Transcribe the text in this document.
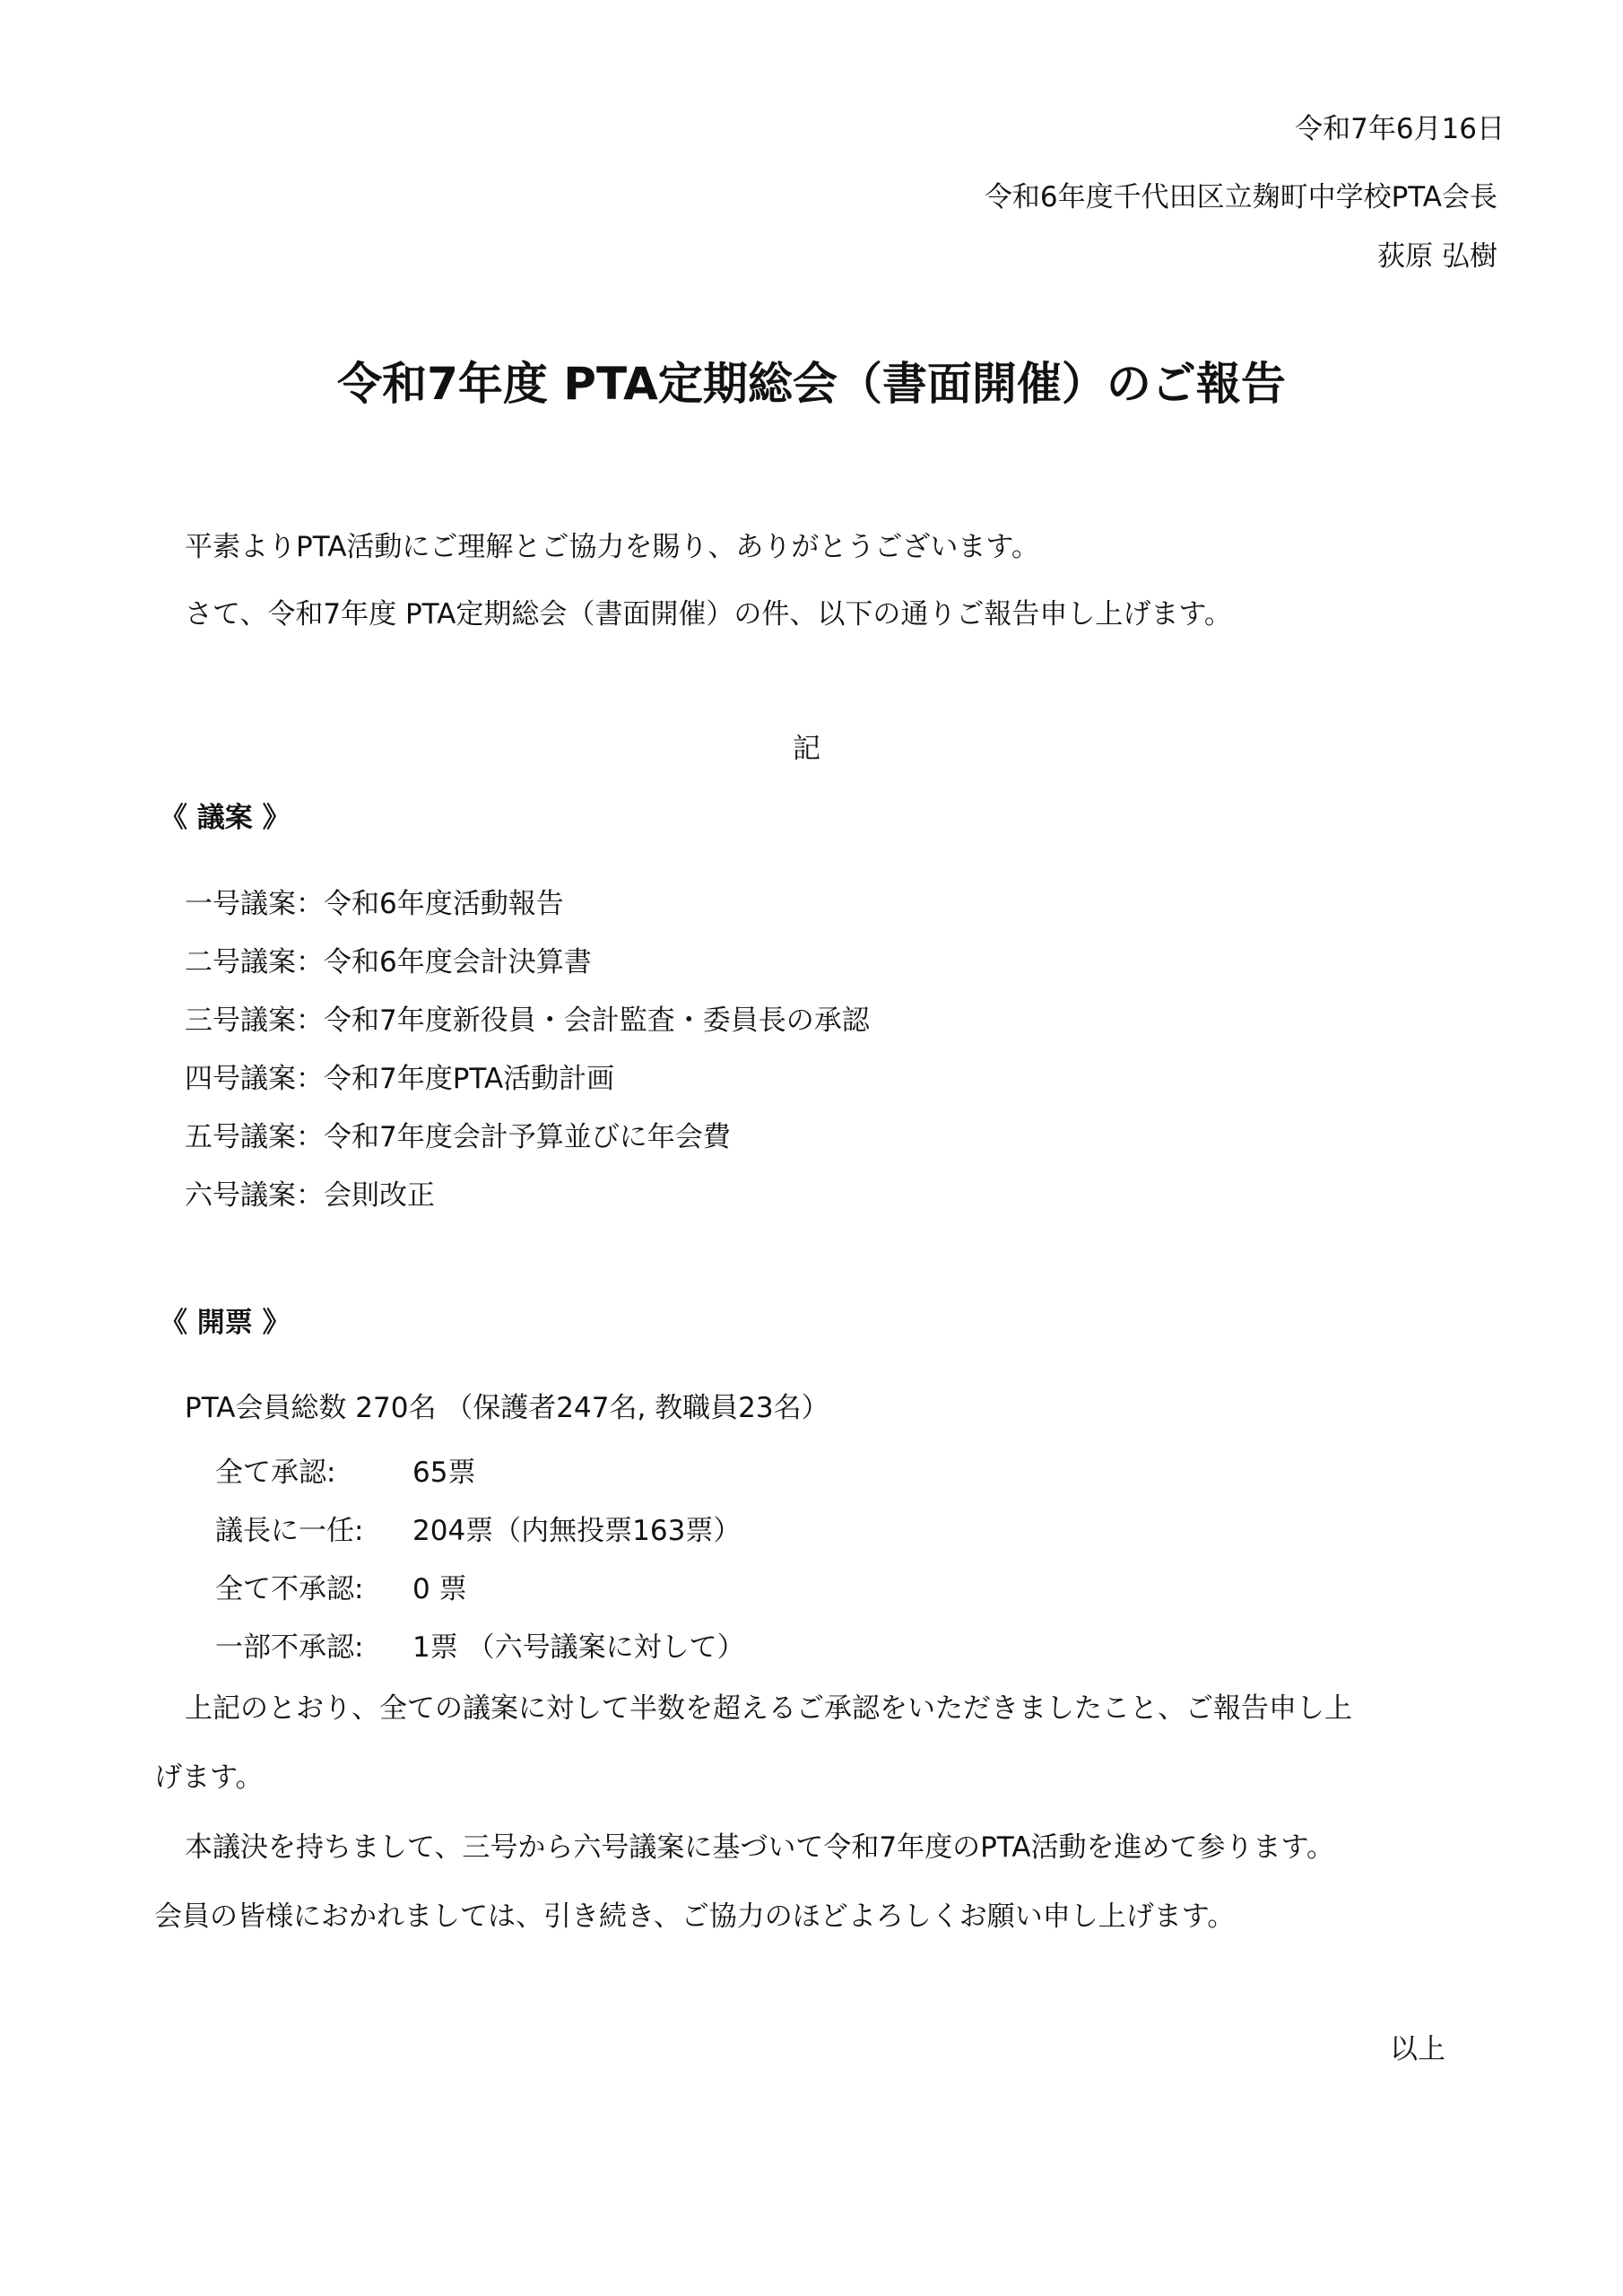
令和7年6月16日
令和6年度千代田区立麹町中学校PTA会長
荻原 弘樹
令和7年度 PTA定期総会（書面開催）のご報告
平素よりPTA活動にご理解とご協力を賜り、ありがとうございます。
さて、令和7年度 PTA定期総会（書面開催）の件、以下の通りご報告申し上げます。
記
《 議案 》
一号議案：令和6年度活動報告
二号議案：令和6年度会計決算書
三号議案：令和7年度新役員・会計監査・委員長の承認
四号議案：令和7年度PTA活動計画
五号議案：令和7年度会計予算並びに年会費
六号議案：会則改正
《 開票 》
PTA会員総数 270名 （保護者247名, 教職員23名）
全て承認:	65票
議長に一任: 204票（内無投票163票）
全て不承認: 0 票
一部不承認: 1票 （六号議案に対して）
上記のとおり、全ての議案に対して半数を超えるご承認をいただきましたこと、ご報告申し上
げます。
本議決を持ちまして、三号から六号議案に基づいて令和7年度のPTA活動を進めて参ります。
会員の皆様におかれましては、引き続き、ご協力のほどよろしくお願い申し上げます。
以上
